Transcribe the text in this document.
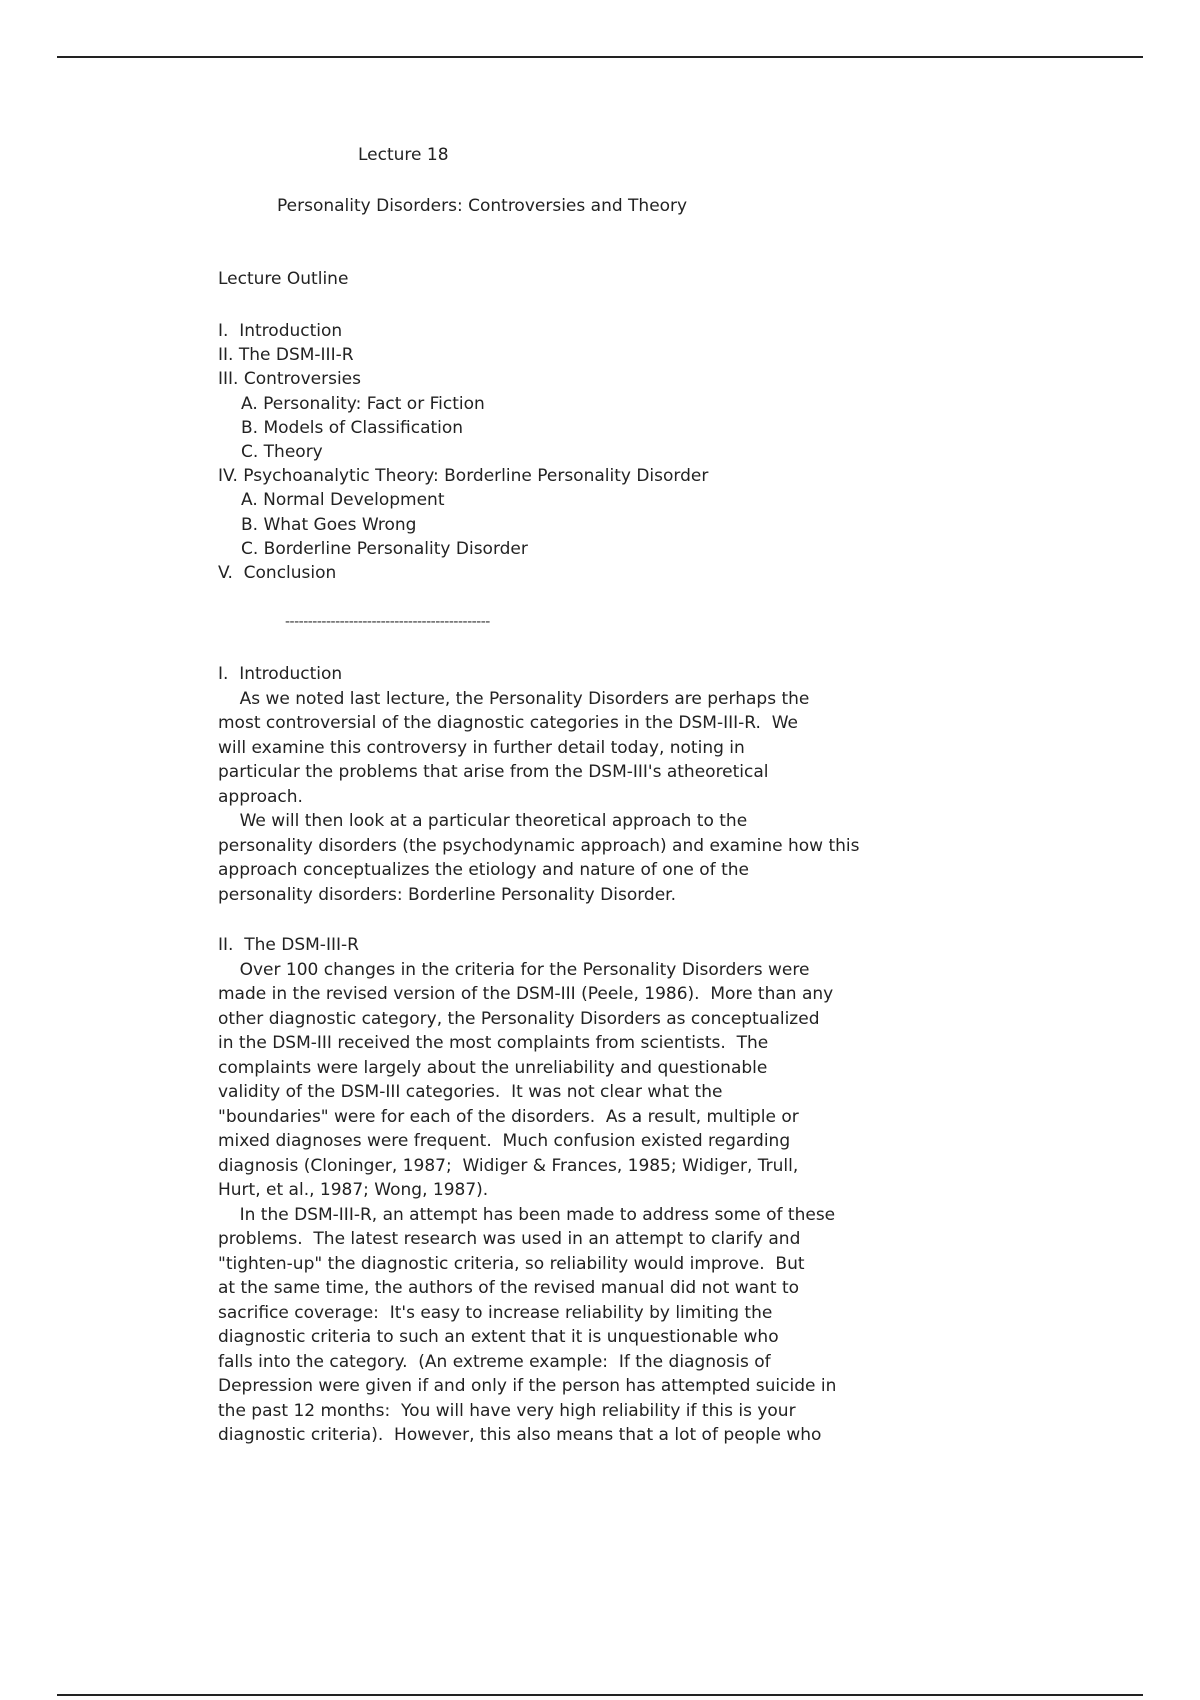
Lecture 18
Personality Disorders: Controversies and Theory
Lecture Outline
I.  Introduction
II. The DSM-III-R
III. Controversies
A. Personality: Fact or Fiction
B. Models of Classification
C. Theory
IV. Psychoanalytic Theory: Borderline Personality Disorder
A. Normal Development
B. What Goes Wrong
C. Borderline Personality Disorder
V.  Conclusion
---------------------------------------------
I.  Introduction
As we noted last lecture, the Personality Disorders are perhaps the
most controversial of the diagnostic categories in the DSM-III-R.  We
will examine this controversy in further detail today, noting in
particular the problems that arise from the DSM-III's atheoretical
approach.
We will then look at a particular theoretical approach to the
personality disorders (the psychodynamic approach) and examine how this
approach conceptualizes the etiology and nature of one of the
personality disorders: Borderline Personality Disorder.
II.  The DSM-III-R
Over 100 changes in the criteria for the Personality Disorders were
made in the revised version of the DSM-III (Peele, 1986).  More than any
other diagnostic category, the Personality Disorders as conceptualized
in the DSM-III received the most complaints from scientists.  The
complaints were largely about the unreliability and questionable
validity of the DSM-III categories.  It was not clear what the
"boundaries" were for each of the disorders.  As a result, multiple or
mixed diagnoses were frequent.  Much confusion existed regarding
diagnosis (Cloninger, 1987;  Widiger & Frances, 1985; Widiger, Trull,
Hurt, et al., 1987; Wong, 1987).
In the DSM-III-R, an attempt has been made to address some of these
problems.  The latest research was used in an attempt to clarify and
"tighten-up" the diagnostic criteria, so reliability would improve.  But
at the same time, the authors of the revised manual did not want to
sacrifice coverage:  It's easy to increase reliability by limiting the
diagnostic criteria to such an extent that it is unquestionable who
falls into the category.  (An extreme example:  If the diagnosis of
Depression were given if and only if the person has attempted suicide in
the past 12 months:  You will have very high reliability if this is your
diagnostic criteria).  However, this also means that a lot of people who
